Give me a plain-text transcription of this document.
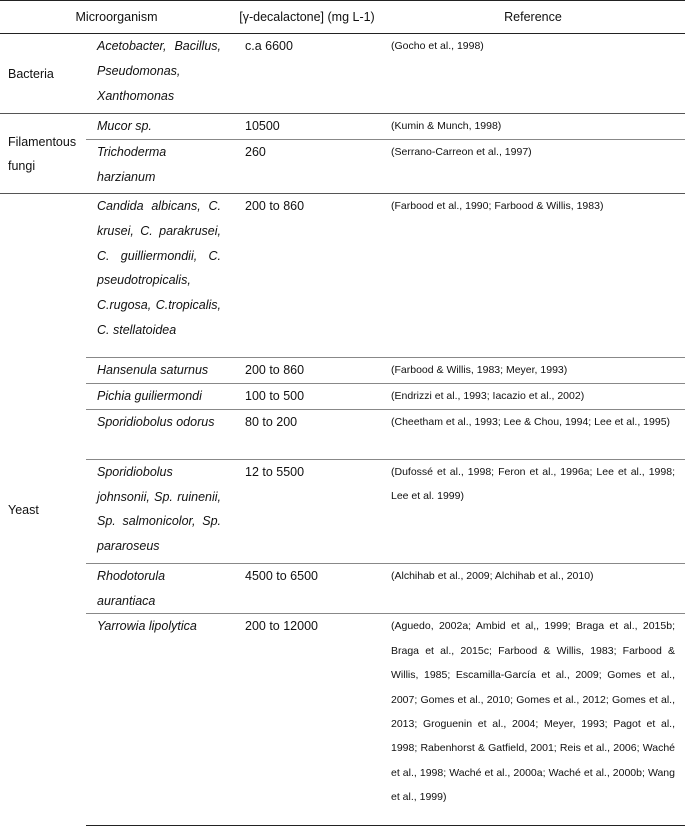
Microorganism		[γ-decalactone] (mg L-1)	Reference
Bacteria	Acetobacter, Bacillus, Pseudomonas, Xanthomonas	c.a 6600	(Gocho et al., 1998)
Filamentous fungi	Mucor sp.	10500	(Kumin & Munch, 1998)
	Trichoderma harzianum	260	(Serrano-Carreon et al., 1997)
Yeast	Candida albicans, C. krusei, C. parakrusei, C. guilliermondii, C. pseudotropicalis, C.rugosa, C.tropicalis, C. stellatoidea	200 to 860	(Farbood et al., 1990; Farbood & Willis, 1983)
	Hansenula saturnus	200 to 860	(Farbood & Willis, 1983; Meyer, 1993)
	Pichia guiliermondi	100 to 500	(Endrizzi et al., 1993; Iacazio et al., 2002)
	Sporidiobolus odorus	80 to 200	(Cheetham et al., 1993; Lee & Chou, 1994; Lee et al., 1995)
	Sporidiobolus johnsonii, Sp. ruinenii, Sp. salmonicolor, Sp. pararoseus	12 to 5500	(Dufossé et al., 1998; Feron et al., 1996a; Lee et al., 1998; Lee et al. 1999)
	Rhodotorula aurantiaca	4500 to 6500	(Alchihab et al., 2009; Alchihab et al., 2010)
	Yarrowia lipolytica	200 to 12000	(Aguedo, 2002a; Ambid et al,, 1999; Braga et al., 2015b; Braga et al., 2015c; Farbood & Willis, 1983; Farbood & Willis, 1985; Escamilla-García et al., 2009; Gomes et al., 2007; Gomes et al., 2010; Gomes et al., 2012; Gomes et al., 2013; Groguenin et al., 2004; Meyer, 1993; Pagot et al., 1998; Rabenhorst & Gatfield, 2001; Reis et al., 2006; Waché et al., 1998; Waché et al., 2000a; Waché et al., 2000b; Wang et al., 1999)
